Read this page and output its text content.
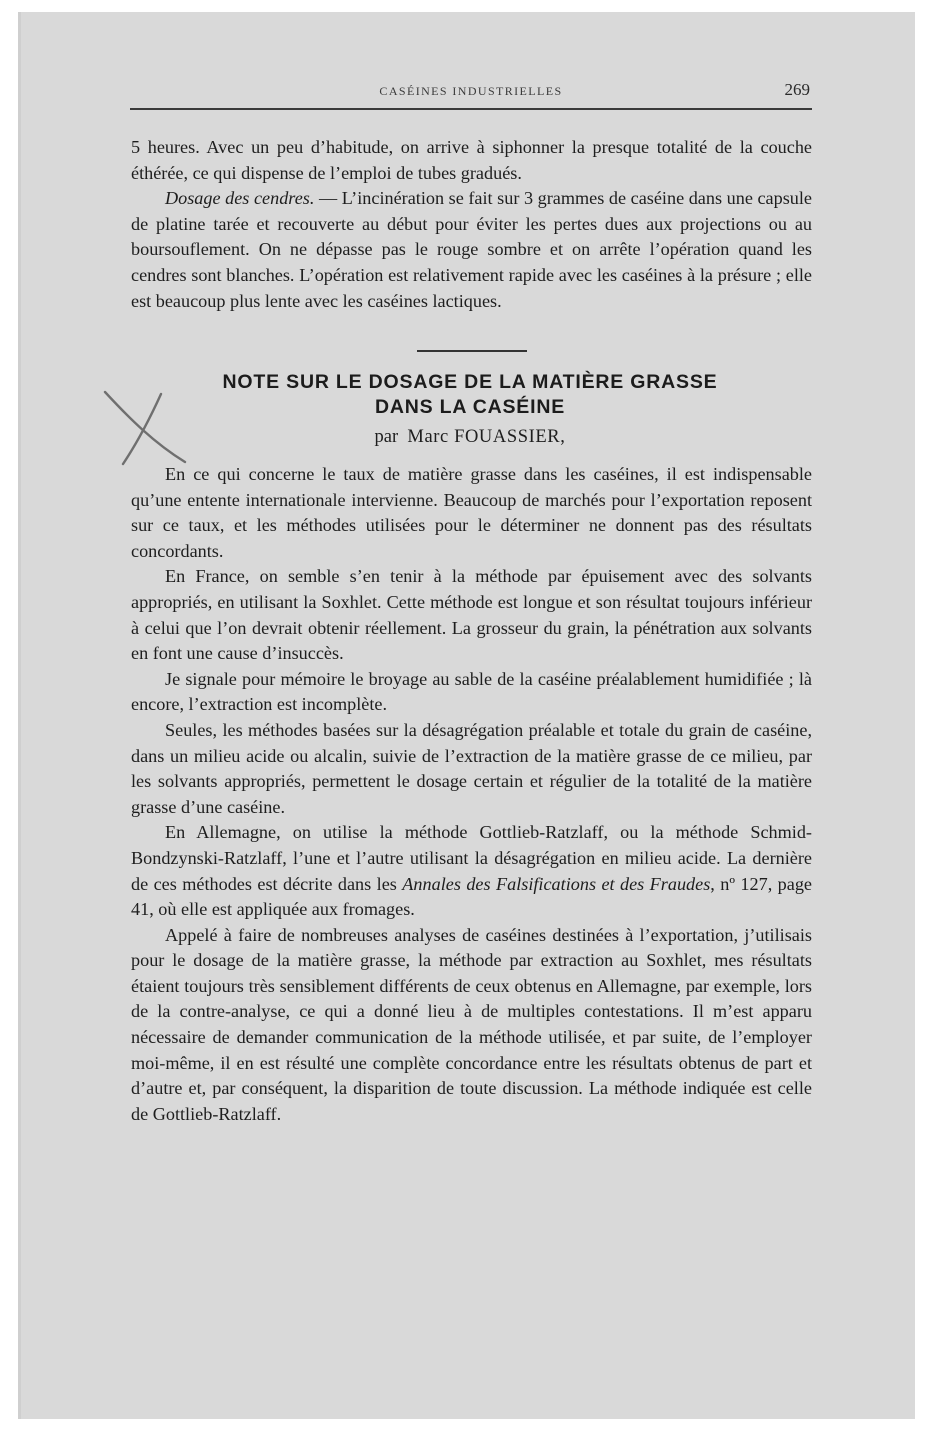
CASÉINES INDUSTRIELLES	269

5 heures. Avec un peu d’habitude, on arrive à siphonner la presque totalité de la couche éthérée, ce qui dispense de l’emploi de tubes gradués.

Dosage des cendres. — L’incinération se fait sur 3 grammes de caséine dans une capsule de platine tarée et recouverte au début pour éviter les pertes dues aux projections ou au boursouflement. On ne dépasse pas le rouge sombre et on arrête l’opération quand les cendres sont blanches. L’opération est relativement rapide avec les caséines à la présure ; elle est beaucoup plus lente avec les caséines lactiques.

NOTE SUR LE DOSAGE DE LA MATIÈRE GRASSE
DANS LA CASÉINE
par Marc FOUASSIER,

En ce qui concerne le taux de matière grasse dans les caséines, il est indispensable qu’une entente internationale intervienne. Beaucoup de marchés pour l’exportation reposent sur ce taux, et les méthodes utilisées pour le déterminer ne donnent pas des résultats concordants.

En France, on semble s’en tenir à la méthode par épuisement avec des solvants appropriés, en utilisant la Soxhlet. Cette méthode est longue et son résultat toujours inférieur à celui que l’on devrait obtenir réellement. La grosseur du grain, la pénétration aux solvants en font une cause d’insuccès.

Je signale pour mémoire le broyage au sable de la caséine préalablement humidifiée ; là encore, l’extraction est incomplète.

Seules, les méthodes basées sur la désagrégation préalable et totale du grain de caséine, dans un milieu acide ou alcalin, suivie de l’extraction de la matière grasse de ce milieu, par les solvants appropriés, permettent le dosage certain et régulier de la totalité de la matière grasse d’une caséine.

En Allemagne, on utilise la méthode Gottlieb-Ratzlaff, ou la méthode Schmid-Bondzynski-Ratzlaff, l’une et l’autre utilisant la désagrégation en milieu acide. La dernière de ces méthodes est décrite dans les Annales des Falsifications et des Fraudes, nº 127, page 41, où elle est appliquée aux fromages.

Appelé à faire de nombreuses analyses de caséines destinées à l’exportation, j’utilisais pour le dosage de la matière grasse, la méthode par extraction au Soxhlet, mes résultats étaient toujours très sensiblement différents de ceux obtenus en Allemagne, par exemple, lors de la contre-analyse, ce qui a donné lieu à de multiples contestations. Il m’est apparu nécessaire de demander communication de la méthode utilisée, et par suite, de l’employer moi-même, il en est résulté une complète concordance entre les résultats obtenus de part et d’autre et, par conséquent, la disparition de toute discussion. La méthode indiquée est celle de Gottlieb-Ratzlaff.
